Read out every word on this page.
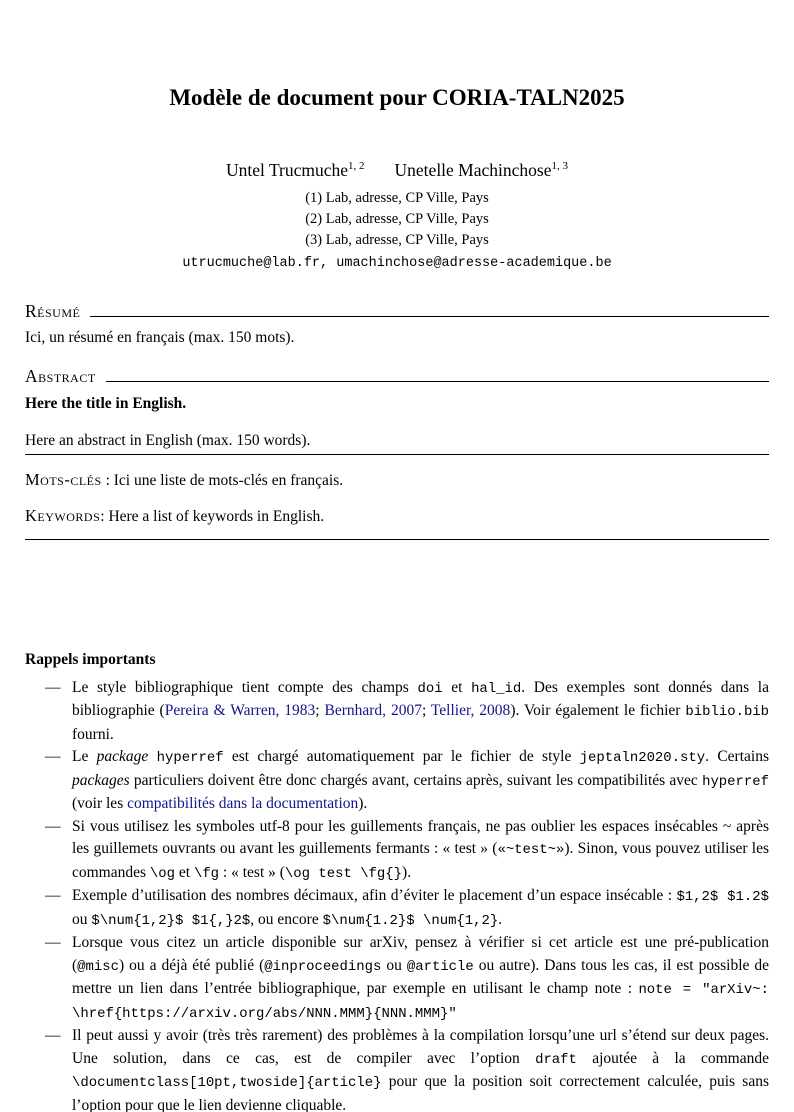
Modèle de document pour CORIA-TALN2025
Untel Trucmuche$^{1, 2}$ Unetelle Machinchose$^{1, 3}$
(1) Lab, adresse, CP Ville, Pays
(2) Lab, adresse, CP Ville, Pays
(3) Lab, adresse, CP Ville, Pays
utrucmuche@lab.fr, umachinchose@adresse-academique.be
Résumé

Ici, un résumé en français (max. 150 mots).

Abstract

Here the title in English.

Here an abstract in English (max. 150 words).

Mots-clés : Ici une liste de mots-clés en français.

Keywords: Here a list of keywords in English.

Rappels importants

— Le style bibliographique tient compte des champs doi et hal_id. Des exemples sont donnés dans la bibliographie (Pereira & Warren, 1983; Bernhard, 2007; Tellier, 2008). Voir également le fichier biblio.bib fourni.
— Le package hyperref est chargé automatiquement par le fichier de style jeptaln2020.sty. Certains packages particuliers doivent être donc chargés avant, certains après, suivant les compatibilités avec hyperref (voir les compatibilités dans la documentation).
— Si vous utilisez les symboles utf-8 pour les guillements français, ne pas oublier les espaces insécables ~ après les guillemets ouvrants ou avant les guillements fermants : « test » («~test~»). Sinon, vous pouvez utiliser les commandes \og et \fg : « test » (\og test \fg{}).
— Exemple d’utilisation des nombres décimaux, afin d’éviter le placement d’un espace insécable : $1,2$ $1.2$ ou $\num{1,2}$ $1{,}2$, ou encore $\num{1.2}$ \num{1,2}.
— Lorsque vous citez un article disponible sur arXiv, pensez à vérifier si cet article est une pré-publication (@misc) ou a déjà été publié (@inproceedings ou @article ou autre). Dans tous les cas, il est possible de mettre un lien dans l’entrée bibliographique, par exemple en utilisant le champ note : note = "arXiv~: \href{https://arxiv.org/abs/NNN.MMM}{NNN.MMM}"
— Il peut aussi y avoir (très très rarement) des problèmes à la compilation lorsqu’une url s’étend sur deux pages. Une solution, dans ce cas, est de compiler avec l’option draft ajoutée à la commande \documentclass[10pt,twoside]{article} pour que la position soit correctement calculée, puis sans l’option pour que le lien devienne cliquable.
